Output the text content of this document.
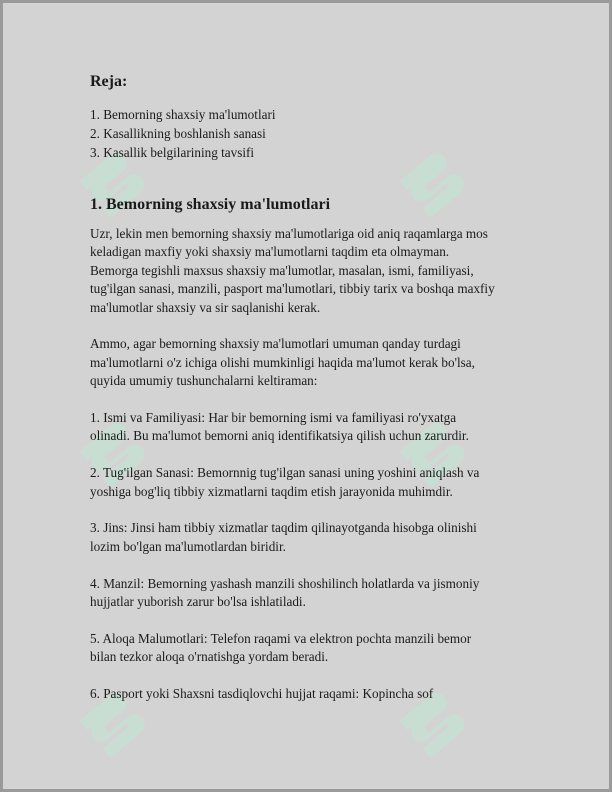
Reja:
1. Bemorning shaxsiy ma'lumotlari
2. Kasallikning boshlanish sanasi
3. Kasallik belgilarining tavsifi
1. Bemorning shaxsiy ma'lumotlari

Uzr, lekin men bemorning shaxsiy ma'lumotlariga oid aniq raqamlarga mos
keladigan maxfiy yoki shaxsiy ma'lumotlarni taqdim eta olmayman.
Bemorga tegishli maxsus shaxsiy ma'lumotlar, masalan, ismi, familiyasi,
tug'ilgan sanasi, manzili, pasport ma'lumotlari, tibbiy tarix va boshqa maxfiy
ma'lumotlar shaxsiy va sir saqlanishi kerak.

Ammo, agar bemorning shaxsiy ma'lumotlari umuman qanday turdagi
ma'lumotlarni o'z ichiga olishi mumkinligi haqida ma'lumot kerak bo'lsa,
quyida umumiy tushunchalarni keltiraman:

1. Ismi va Familiyasi: Har bir bemorning ismi va familiyasi ro'yxatga
olinadi. Bu ma'lumot bemorni aniq identifikatsiya qilish uchun zarurdir.

2. Tug'ilgan Sanasi: Bemornnig tug'ilgan sanasi uning yoshini aniqlash va
yoshiga bog'liq tibbiy xizmatlarni taqdim etish jarayonida muhimdir.

3. Jins: Jinsi ham tibbiy xizmatlar taqdim qilinayotganda hisobga olinishi
lozim bo'lgan ma'lumotlardan biridir.

4. Manzil: Bemorning yashash manzili shoshilinch holatlarda va jismoniy
hujjatlar yuborish zarur bo'lsa ishlatiladi.

5. Aloqa Malumotlari: Telefon raqami va elektron pochta manzili bemor
bilan tezkor aloqa o'rnatishga yordam beradi.

6. Pasport yoki Shaxsni tasdiqlovchi hujjat raqami: Kopincha sof
